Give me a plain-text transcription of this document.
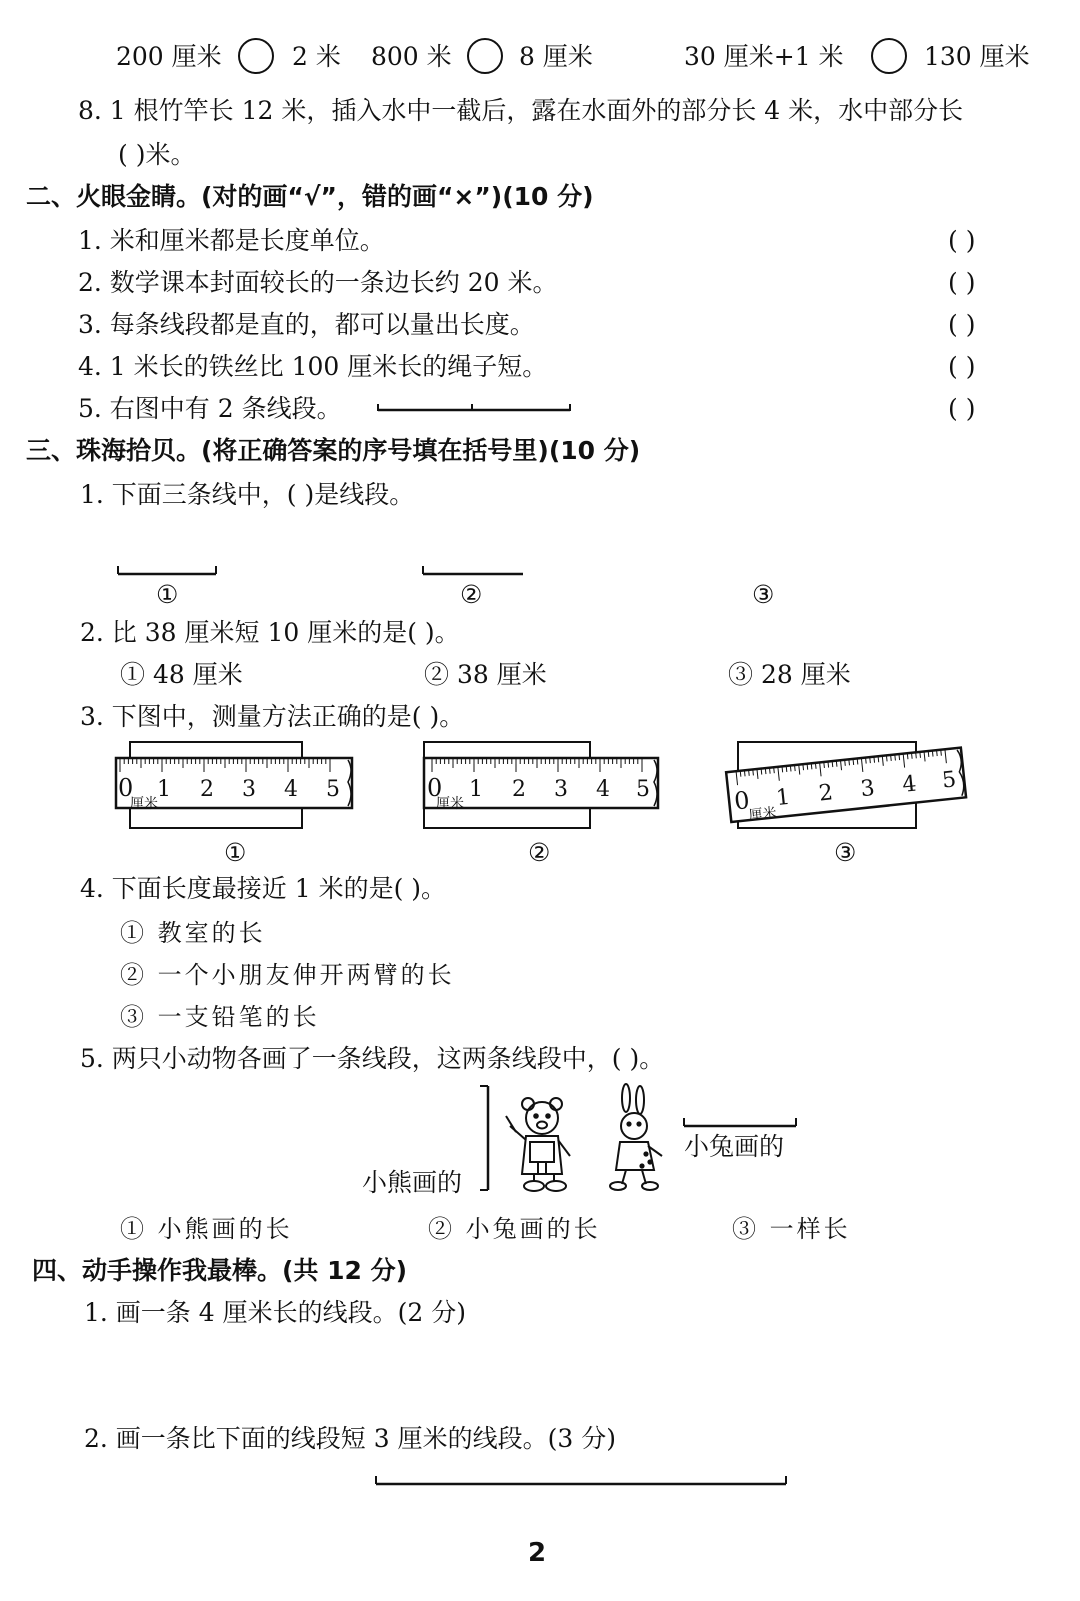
200 厘米	2 米 800 米	8 厘米	30 厘米+1 米	130 厘米
8. 1 根竹竿长 12 米，插入水中一截后，露在水面外的部分长 4 米，水中部分长
( )米。
二、火眼金睛。(对的画“√”，错的画“×”)(10 分)
1. 米和厘米都是长度单位。	( )
2. 数学课本封面较长的一条边长约 20 米。	( )
3. 每条线段都是直的，都可以量出长度。	( )
4. 1 米长的铁丝比 100 厘米长的绳子短。	( )
5. 右图中有 2 条线段。	( )
三、珠海拾贝。(将正确答案的序号填在括号里)(10 分)
1. 下面三条线中，( )是线段。
①	②	③
2. 比 38 厘米短 10 厘米的是( )。
① 48 厘米	② 38 厘米	③ 28 厘米
3. 下图中，测量方法正确的是( )。
0 1 2 3 4 5
厘米
0 1 2 3 4 5
厘米	0 1 2 3 4 5
厘米
①	②	③
4. 下面长度最接近 1 米的是( )。
① 教室的长
② 一个小朋友伸开两臂的长
③ 一支铅笔的长
5. 两只小动物各画了一条线段，这两条线段中，( )。
小熊画的
小兔画的
① 小熊画的长	② 小兔画的长	③ 一样长
四、动手操作我最棒。(共 12 分)
1. 画一条 4 厘米长的线段。(2 分)
2. 画一条比下面的线段短 3 厘米的线段。(3 分)
2
